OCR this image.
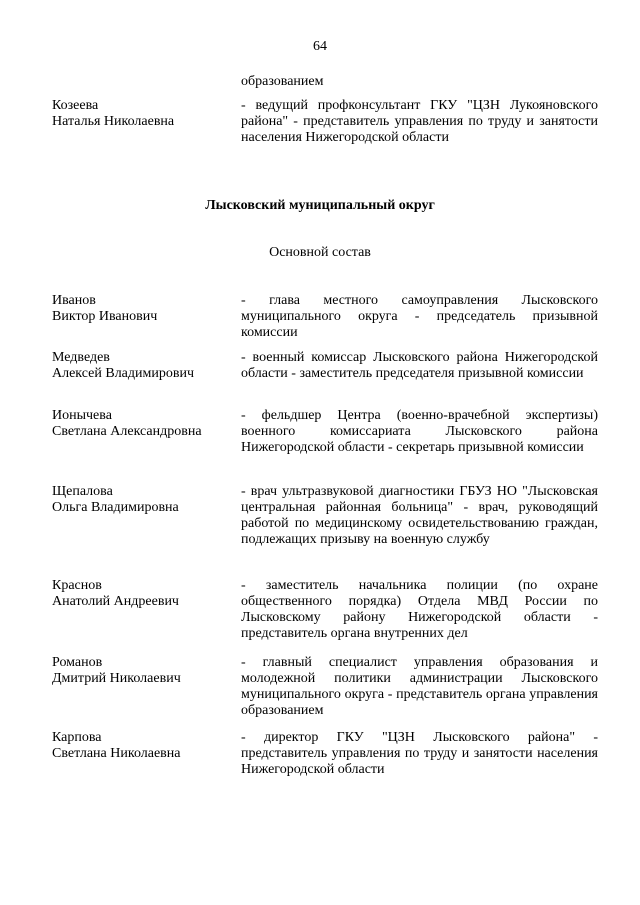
64
образованием
Козеева
Наталья Николаевна
- ведущий профконсультант ГКУ "ЦЗН Лукояновского района" - представитель управления по труду и занятости населения Нижегородской области
Лысковский муниципальный округ
Основной состав
Иванов
Виктор Иванович
- глава местного самоуправления Лысковского муниципального округа - председатель призывной комиссии
Медведев
Алексей Владимирович
- военный комиссар Лысковского района Нижегородской области - заместитель председателя призывной комиссии
Ионычева
Светлана Александровна
- фельдшер Центра (военно-врачебной экспертизы) военного комиссариата Лысковского района Нижегородской области - секретарь призывной комиссии
Щепалова
Ольга Владимировна
- врач ультразвуковой диагностики ГБУЗ НО "Лысковская центральная районная больница" - врач, руководящий работой по медицинскому освидетельствованию граждан, подлежащих призыву на военную службу
Краснов
Анатолий Андреевич
- заместитель начальника полиции (по охране общественного порядка) Отдела МВД России по Лысковскому району Нижегородской области - представитель органа внутренних дел
Романов
Дмитрий Николаевич
- главный специалист управления образования и молодежной политики администрации Лысковского муниципального округа - представитель органа управления образованием
Карпова
Светлана Николаевна
- директор ГКУ "ЦЗН Лысковского района" - представитель управления по труду и занятости населения Нижегородской области
